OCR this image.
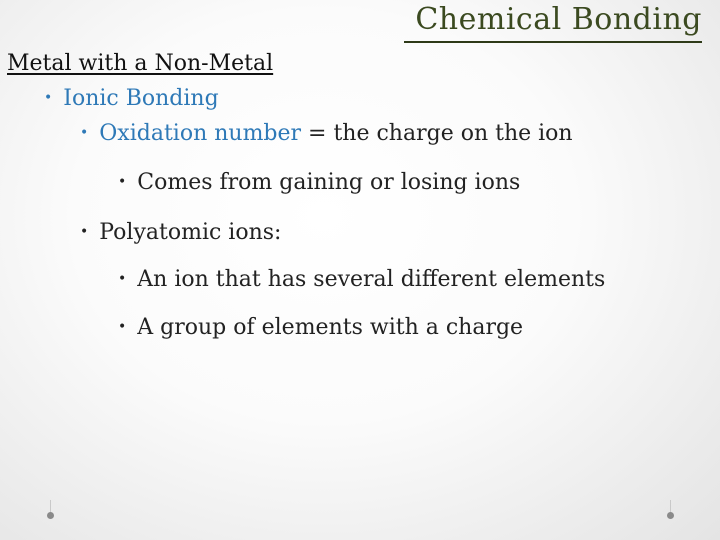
Chemical Bonding
Metal with a Non-Metal
• Ionic Bonding
• Oxidation number = the charge on the ion
• Comes from gaining or losing ions
• Polyatomic ions:
• An ion that has several different elements
• A group of elements with a charge
